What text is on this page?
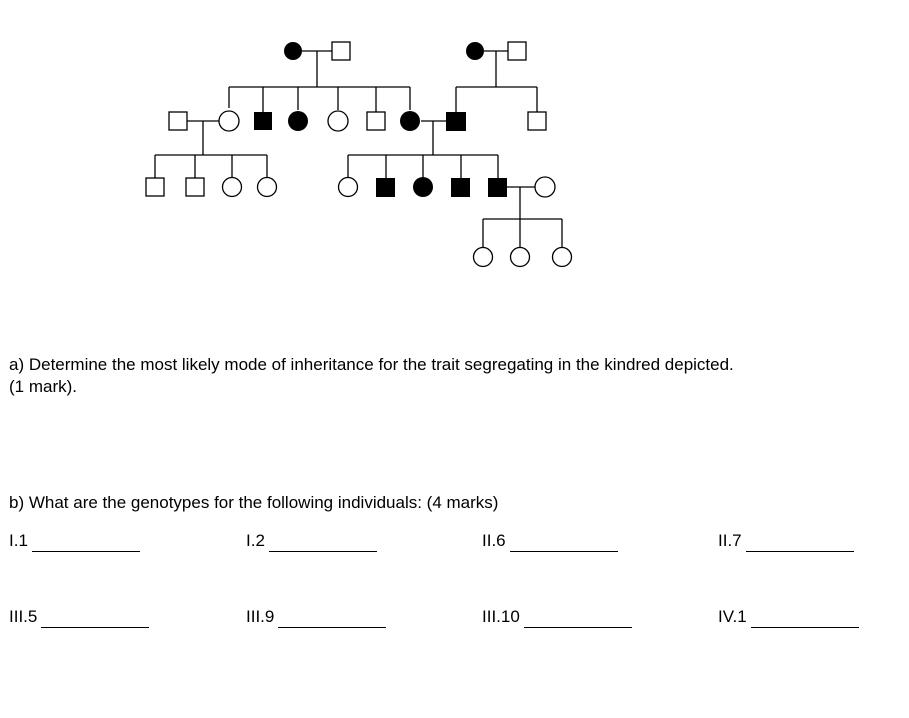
a) Determine the most likely mode of inheritance for the trait segregating in the kindred depicted.
(1 mark).
b) What are the genotypes for the following individuals: (4 marks)
I.1	I.2	II.6	II.7
III.5	III.9	III.10	IV.1
